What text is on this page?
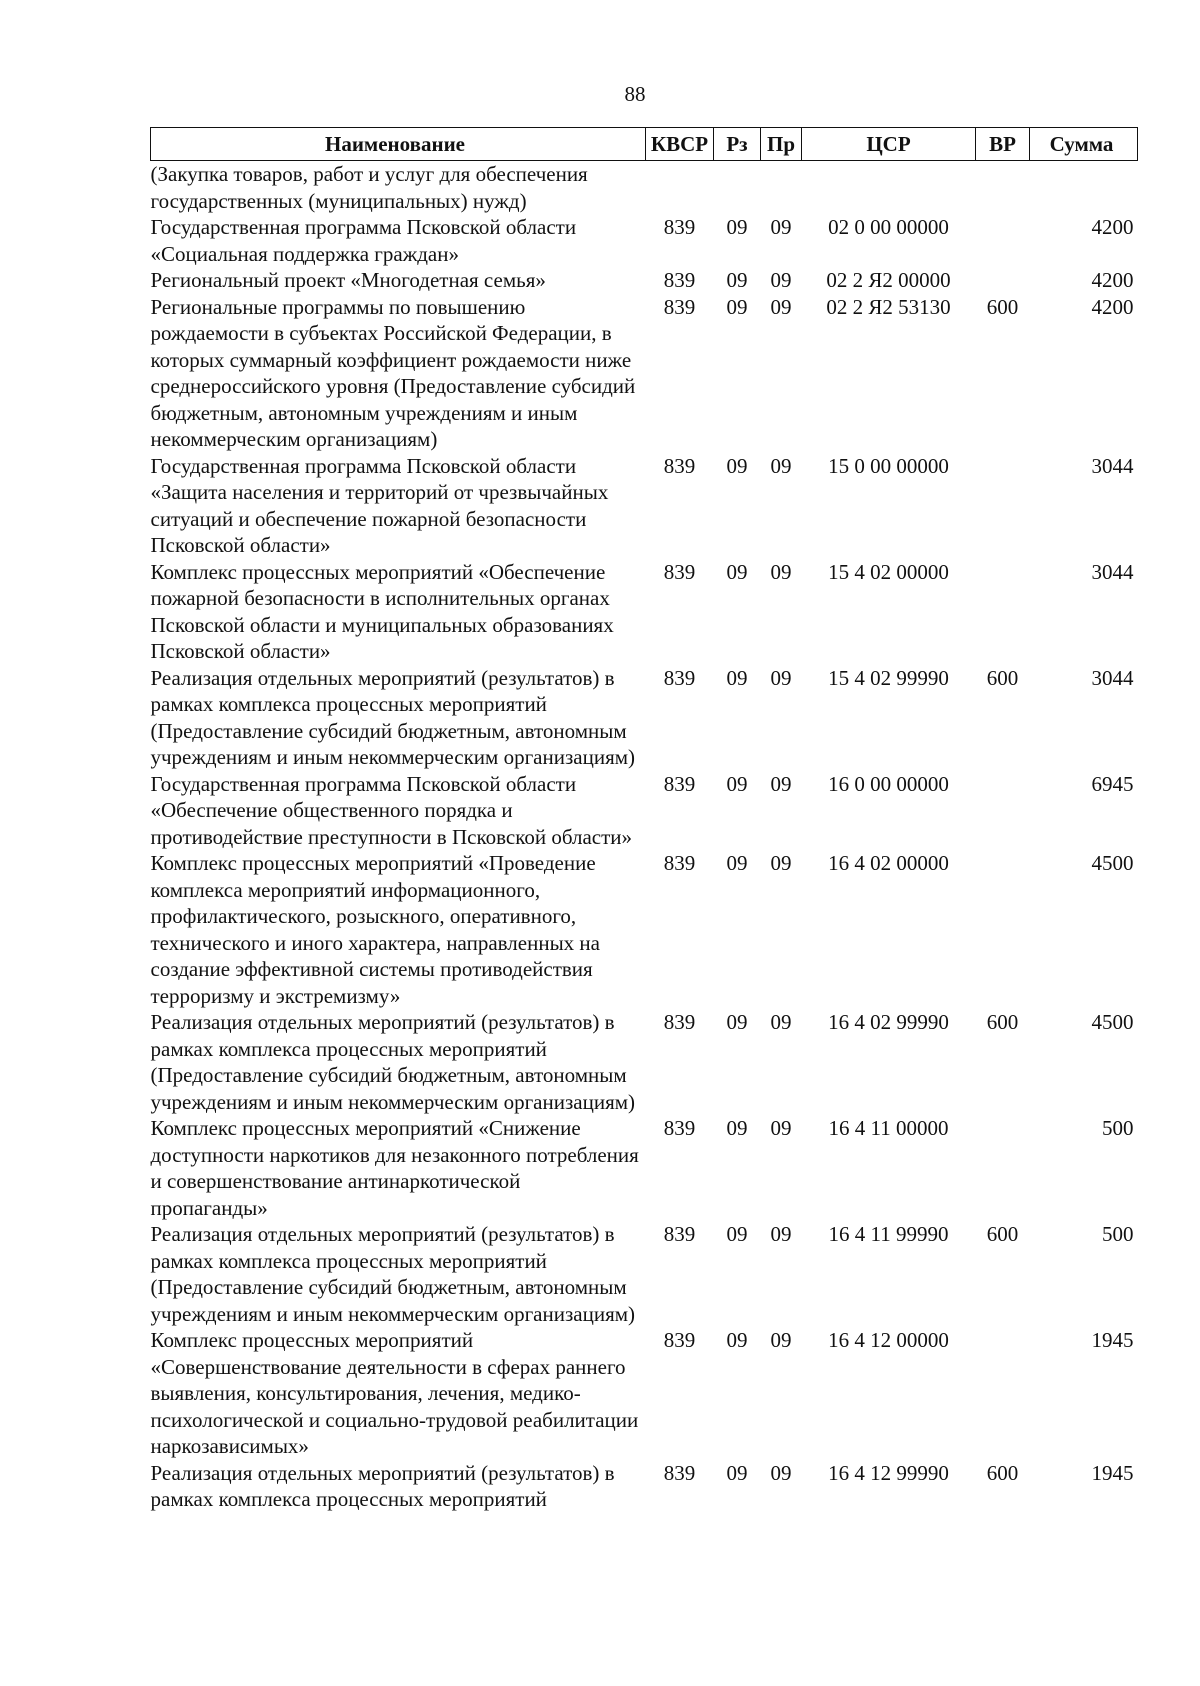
88
Наименование	КВСР	Рз	Пр	ЦСР	ВР	Сумма
(Закупка товаров, работ и услуг для обеспечения государственных (муниципальных) нужд)						
Государственная программа Псковской области «Социальная поддержка граждан»	839	09	09	02 0 00 00000		4200
Региональный проект «Многодетная семья»	839	09	09	02 2 Я2 00000		4200
Региональные программы по повышению рождаемости в субъектах Российской Федерации, в которых суммарный коэффициент рождаемости ниже среднероссийского уровня (Предоставление субсидий бюджетным, автономным учреждениям и иным некоммерческим организациям)	839	09	09	02 2 Я2 53130	600	4200
Государственная программа Псковской области «Защита населения и территорий от чрезвычайных ситуаций и обеспечение пожарной безопасности Псковской области»	839	09	09	15 0 00 00000		3044
Комплекс процессных мероприятий «Обеспечение пожарной безопасности в исполнительных органах Псковской области и муниципальных образованиях Псковской области»	839	09	09	15 4 02 00000		3044
Реализация отдельных мероприятий (результатов) в рамках комплекса процессных мероприятий (Предоставление субсидий бюджетным, автономным учреждениям и иным некоммерческим организациям)	839	09	09	15 4 02 99990	600	3044
Государственная программа Псковской области «Обеспечение общественного порядка и противодействие преступности в Псковской области»	839	09	09	16 0 00 00000		6945
Комплекс процессных мероприятий «Проведение комплекса мероприятий информационного, профилактического, розыскного, оперативного, технического и иного характера, направленных на создание эффективной системы противодействия терроризму и экстремизму»	839	09	09	16 4 02 00000		4500
Реализация отдельных мероприятий (результатов) в рамках комплекса процессных мероприятий (Предоставление субсидий бюджетным, автономным учреждениям и иным некоммерческим организациям)	839	09	09	16 4 02 99990	600	4500
Комплекс процессных мероприятий «Снижение доступности наркотиков для незаконного потребления и совершенствование антинаркотической пропаганды»	839	09	09	16 4 11 00000		500
Реализация отдельных мероприятий (результатов) в рамках комплекса процессных мероприятий (Предоставление субсидий бюджетным, автономным учреждениям и иным некоммерческим организациям)	839	09	09	16 4 11 99990	600	500
Комплекс процессных мероприятий «Совершенствование деятельности в сферах раннего выявления, консультирования, лечения, медико-психологической и социально-трудовой реабилитации наркозависимых»	839	09	09	16 4 12 00000		1945
Реализация отдельных мероприятий (результатов) в рамках комплекса процессных мероприятий	839	09	09	16 4 12 99990	600	1945
